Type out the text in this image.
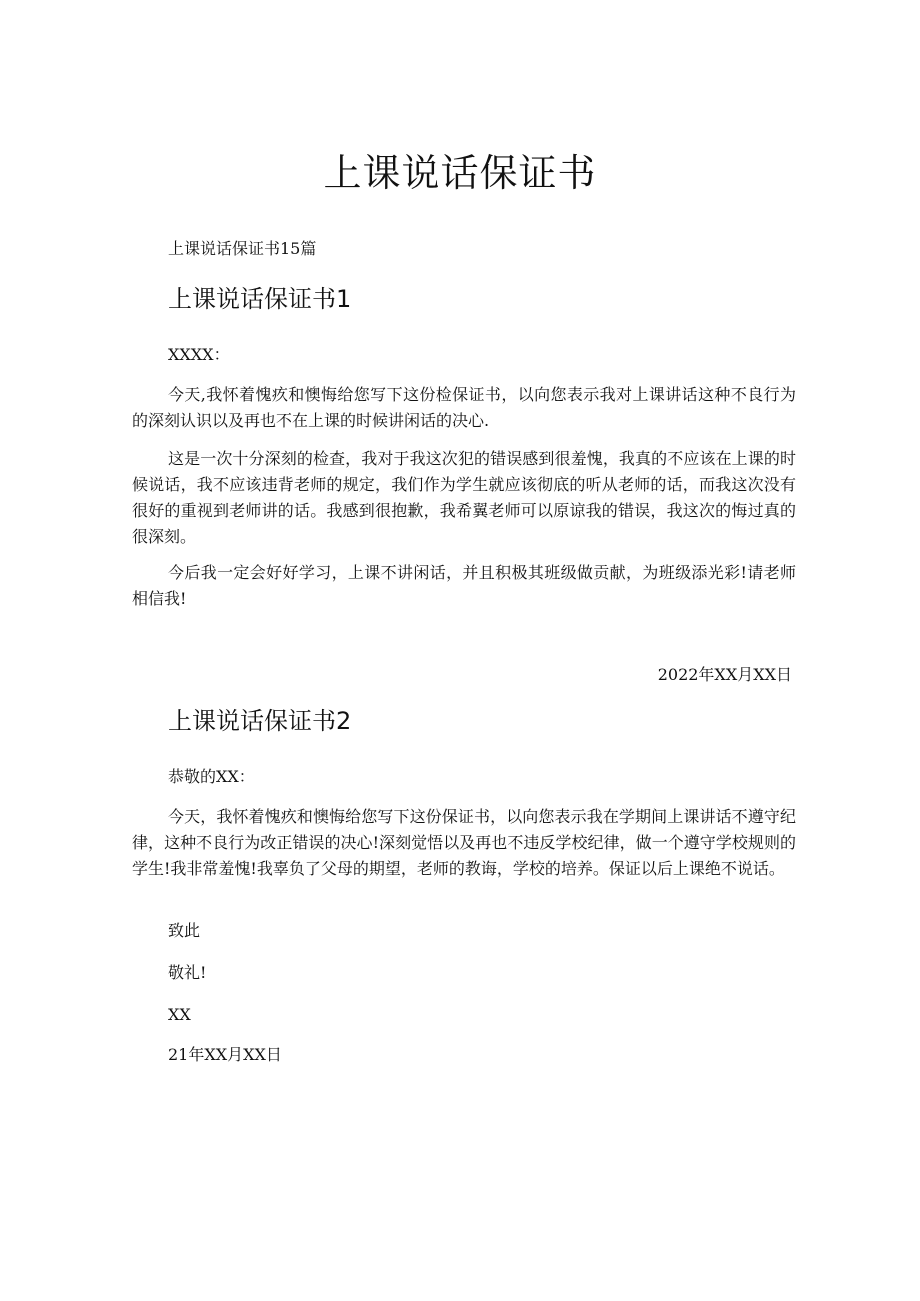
上课说话保证书

上课说话保证书15篇

上课说话保证书1

XXXX：

今天,我怀着愧疚和懊悔给您写下这份检保证书，以向您表示我对上课讲话这种不良行为的深刻认识以及再也不在上课的时候讲闲话的决心.

这是一次十分深刻的检查，我对于我这次犯的错误感到很羞愧，我真的不应该在上课的时候说话，我不应该违背老师的规定，我们作为学生就应该彻底的听从老师的话，而我这次没有很好的重视到老师讲的话。我感到很抱歉，我希翼老师可以原谅我的错误，我这次的悔过真的很深刻。

今后我一定会好好学习，上课不讲闲话，并且积极其班级做贡献，为班级添光彩!请老师相信我!

2022年XX月XX日

上课说话保证书2

恭敬的XX：

今天，我怀着愧疚和懊悔给您写下这份保证书，以向您表示我在学期间上课讲话不遵守纪律，这种不良行为改正错误的决心!深刻觉悟以及再也不违反学校纪律，做一个遵守学校规则的学生!我非常羞愧!我辜负了父母的期望，老师的教诲，学校的培养。保证以后上课绝不说话。

致此

敬礼!

XX

21年XX月XX日
